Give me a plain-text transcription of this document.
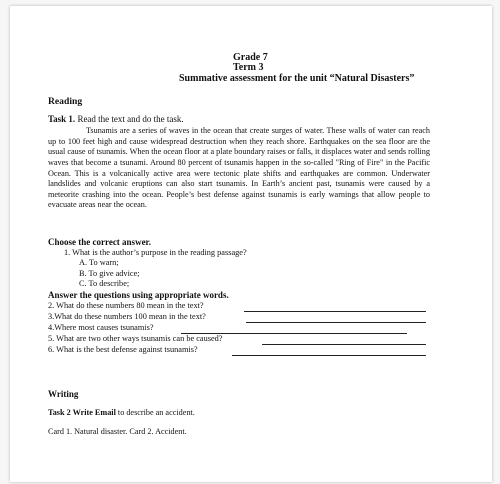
Grade 7
Term 3
Summative assessment for the unit “Natural Disasters”
Reading
Task 1. Read the text and do the task.

Tsunamis are a series of waves in the ocean that create surges of water. These walls of water can reach up to 100 feet high and cause widespread destruction when they reach shore. Earthquakes on the sea floor are the usual cause of tsunamis. When the ocean floor at a plate boundary raises or falls, it displaces water and sends rolling waves that become a tsunami. Around 80 percent of tsunamis happen in the so-called "Ring of Fire" in the Pacific Ocean. This is a volcanically active area were tectonic plate shifts and earthquakes are common. Underwater landslides and volcanic eruptions can also start tsunamis. In Earth’s ancient past, tsunamis were caused by a meteorite crashing into the ocean. People’s best defense against tsunamis is early warnings that allow people to evacuate areas near the ocean.

Choose the correct answer.
1. What is the author’s purpose in the reading passage?
A. To warn;
B. To give advice;
C. To describe;
Answer the questions using appropriate words.
2. What do these numbers 80 mean in the text?
3.What do these numbers 100 mean in the text?
4.Where most causes tsunamis?
5. What are two other ways tsunamis can be caused?
6. What is the best defense against tsunamis?
Writing
Task 2 Write Email to describe an accident.
Card 1. Natural disaster. Card 2. Accident.
